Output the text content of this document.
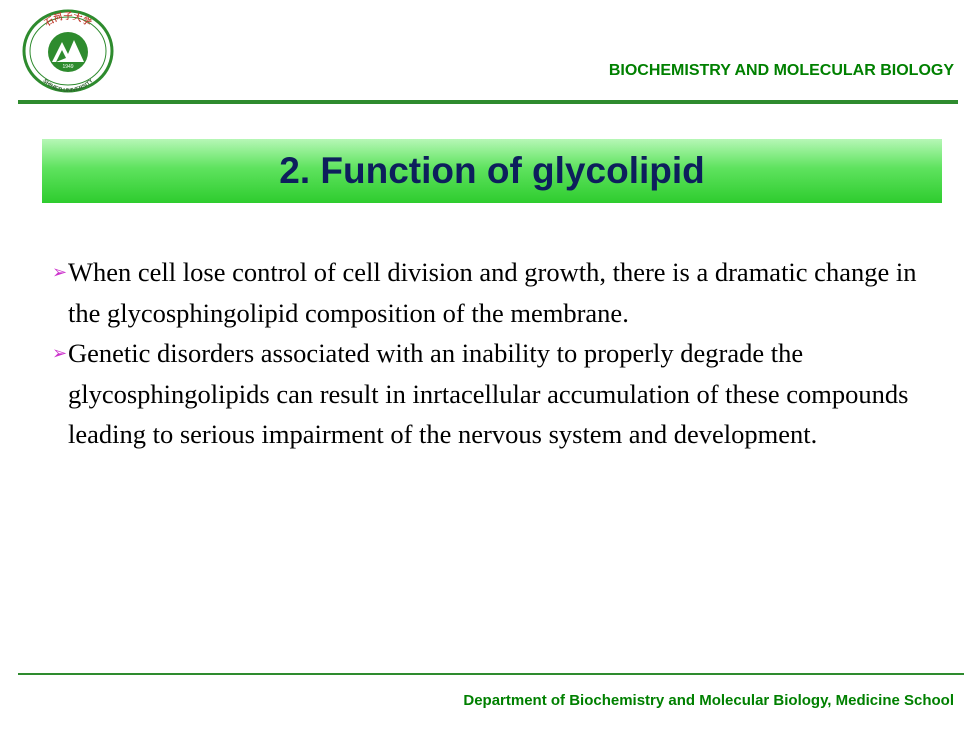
1949
石河子大学
SHIHEZI UNIVERSITY
BIOCHEMISTRY AND MOLECULAR BIOLOGY
2. Function of glycolipid

➢When cell lose control of cell division and growth, there is a dramatic change in the glycosphingolipid composition of the membrane.

➢Genetic disorders associated with an inability to properly degrade the glycosphingolipids can result in inrtacellular accumulation of these compounds leading to serious impairment of the nervous system and development.

Department of Biochemistry and Molecular Biology, Medicine School
